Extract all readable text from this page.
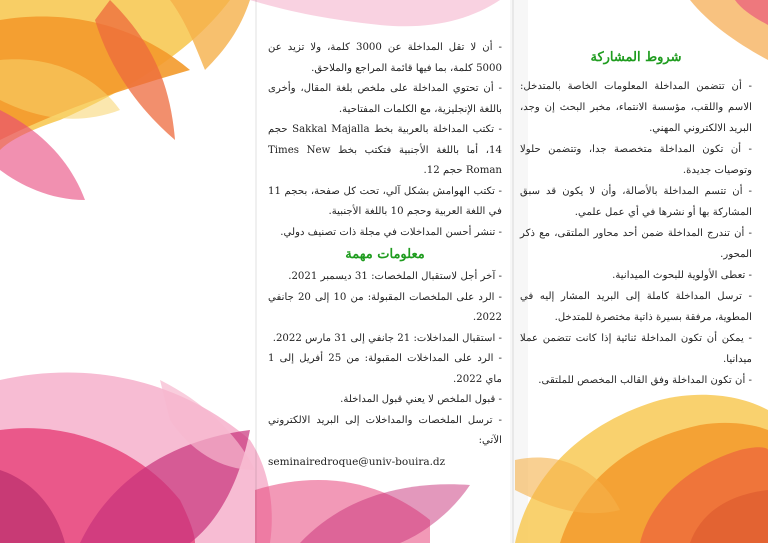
شروط المشاركة

- أن تتضمن المداخلة المعلومات الخاصة بالمتدخل: الاسم واللقب، مؤسسة الانتماء، مخبر البحث إن وجد، البريد الالكتروني المهني.

- أن تكون المداخلة متخصصة جدا، وتتضمن حلولا وتوصيات جديدة.

- أن تتسم المداخلة بالأصالة، وأن لا يكون قد سبق المشاركة بها أو نشرها في أي عمل علمي.

- أن تندرج المداخلة ضمن أحد محاور الملتقى، مع ذكر المحور.

- تعطى الأولوية للبحوث الميدانية.

- ترسل المداخلة كاملة إلى البريد المشار إليه في المطوية، مرفقة بسيرة ذاتية مختصرة للمتدخل.

- يمكن أن تكون المداخلة ثنائية إذا كانت تتضمن عملا ميدانيا.

- أن تكون المداخلة وفق القالب المخصص للملتقى.

- أن لا تقل المداخلة عن 3000 كلمة، ولا تزيد عن 5000 كلمة، بما فيها قائمة المراجع والملاحق.

- أن تحتوي المداخلة على ملخص بلغة المقال، وأخرى باللغة الإنجليزية، مع الكلمات المفتاحية.

- تكتب المداخلة بالعربية بخط Sakkal Majalla حجم 14، أما باللغة الأجنبية فتكتب بخط Times New Roman حجم 12.

- تكتب الهوامش بشكل آلي، تحت كل صفحة، بحجم 11 في اللغة العربية وحجم 10 باللغة الأجنبية.

- تنشر أحسن المداخلات في مجلة ذات تصنيف دولي.

معلومات مهمة

- آخر أجل لاستقبال الملخصات: 31 ديسمبر 2021.

- الرد على الملخصات المقبولة: من 10 إلى 20 جانفي 2022.

- استقبال المداخلات: 21 جانفي إلى 31 مارس 2022.

- الرد على المداخلات المقبولة: من 25 أفريل إلى 1 ماي 2022.

- قبول الملخص لا يعني قبول المداخلة.

- ترسل الملخصات والمداخلات إلى البريد الالكتروني الآتي:

seminairedroque@univ-bouira.dz
